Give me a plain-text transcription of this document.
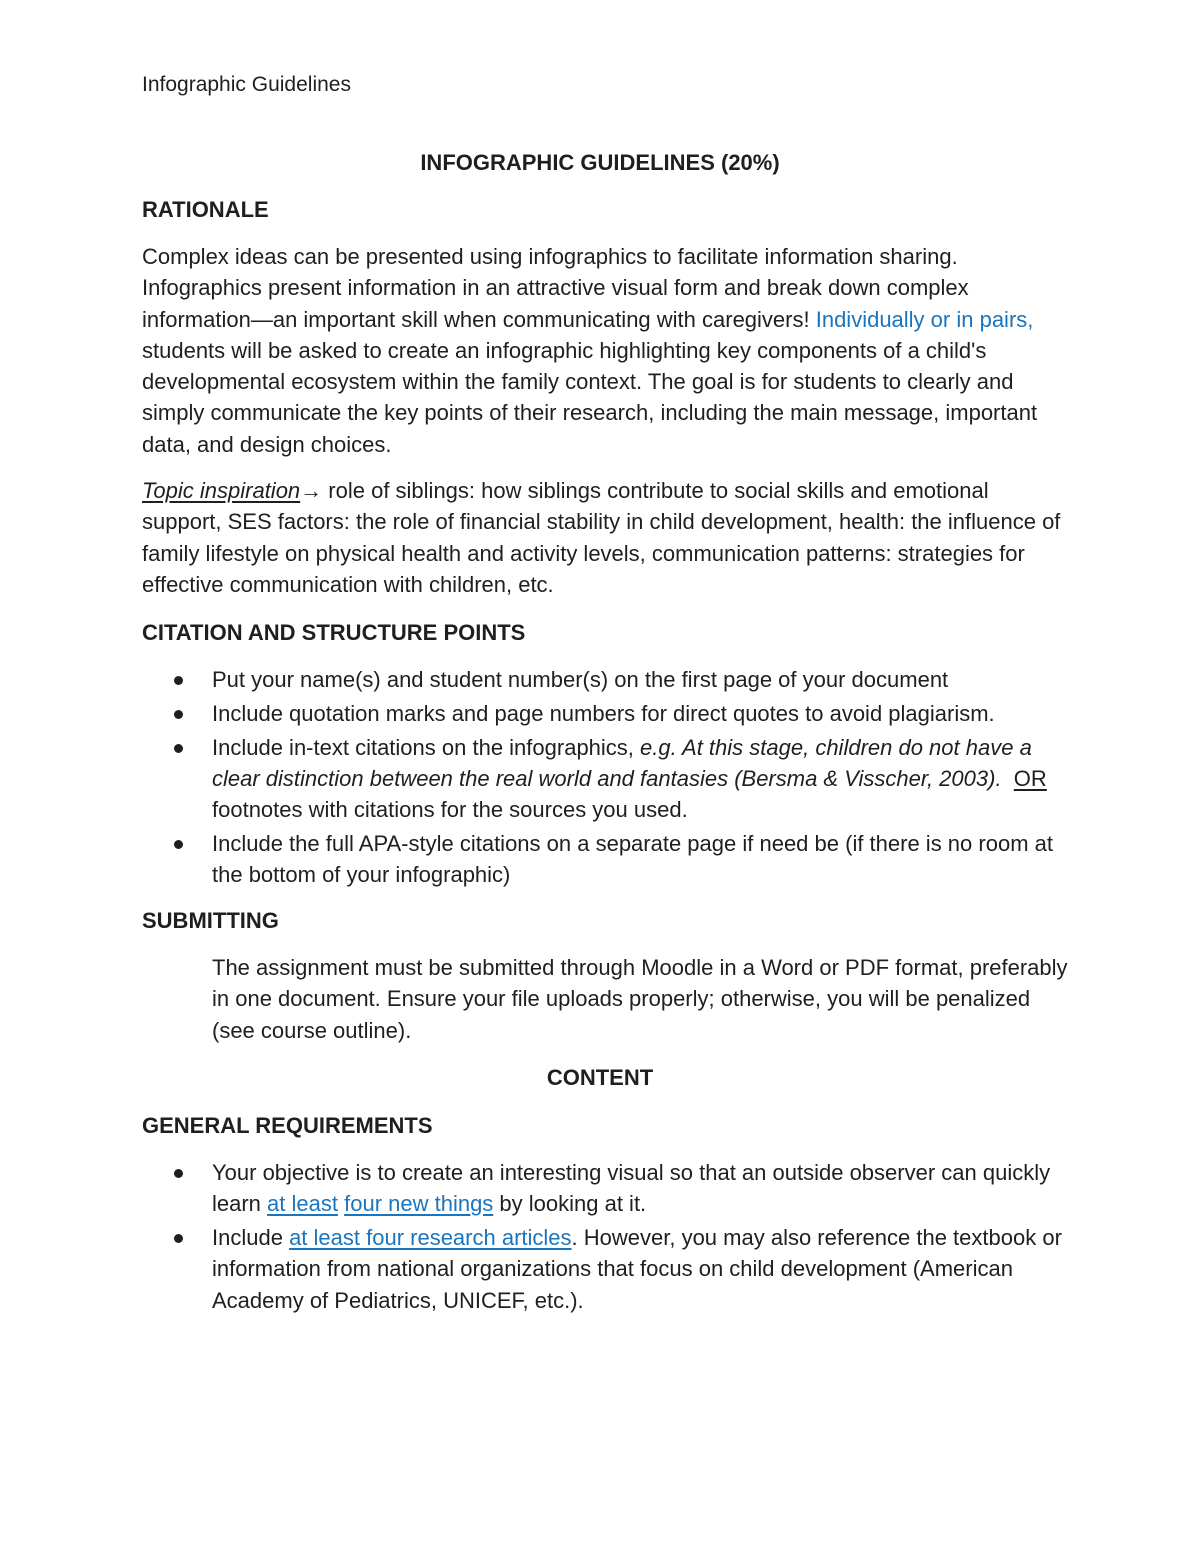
Infographic Guidelines
INFOGRAPHIC GUIDELINES (20%)
RATIONALE

Complex ideas can be presented using infographics to facilitate information sharing. Infographics present information in an attractive visual form and break down complex information—an important skill when communicating with caregivers! Individually or in pairs, students will be asked to create an infographic highlighting key components of a child's developmental ecosystem within the family context. The goal is for students to clearly and simply communicate the key points of their research, including the main message, important data, and design choices.

Topic inspiration→ role of siblings: how siblings contribute to social skills and emotional support, SES factors: the role of financial stability in child development, health: the influence of family lifestyle on physical health and activity levels, communication patterns: strategies for effective communication with children, etc.

CITATION AND STRUCTURE POINTS
Put your name(s) and student number(s) on the first page of your document
Include quotation marks and page numbers for direct quotes to avoid plagiarism.
Include in-text citations on the infographics, e.g. At this stage, children do not have a clear distinction between the real world and fantasies (Bersma & Visscher, 2003). OR footnotes with citations for the sources you used.
Include the full APA-style citations on a separate page if need be (if there is no room at the bottom of your infographic)
SUBMITTING

The assignment must be submitted through Moodle in a Word or PDF format, preferably in one document. Ensure your file uploads properly; otherwise, you will be penalized (see course outline).

CONTENT
GENERAL REQUIREMENTS
Your objective is to create an interesting visual so that an outside observer can quickly learn at least four new things by looking at it.
Include at least four research articles. However, you may also reference the textbook or information from national organizations that focus on child development (American Academy of Pediatrics, UNICEF, etc.).
